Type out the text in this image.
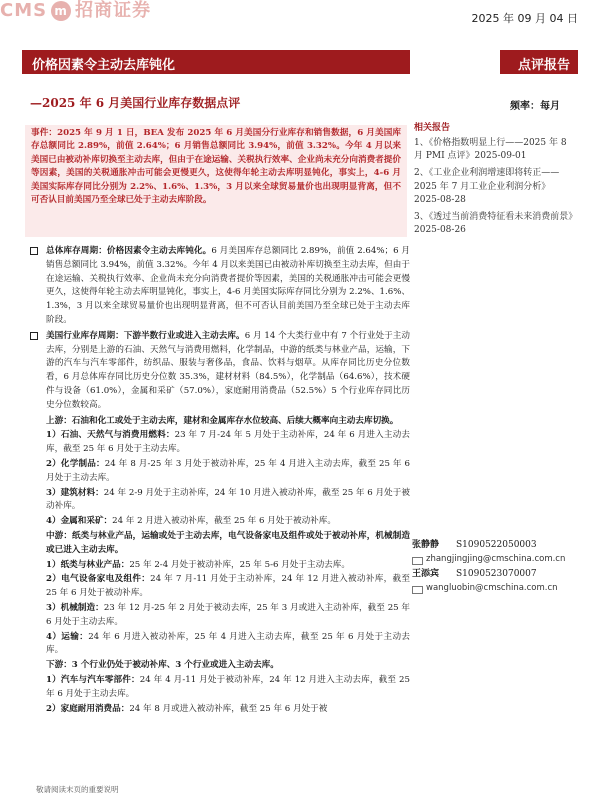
CMS m 招商证券	2025 年 09 月 04 日
价格因素令主动去库钝化	点评报告
—2025 年 6 月美国行业库存数据点评	频率：每月

事件：2025 年 9 月 1 日，BEA 发布 2025 年 6 月美国分行业库存和销售数据，6 月美国库存总额同比 2.89%，前值 2.64%；6 月销售总额同比 3.94%，前值 3.32%。今年 4 月以来美国已由被动补库切换至主动去库，但由于在途运输、关税执行效率、企业尚未充分向消费者提价等因素，美国的关税通胀冲击可能会更慢更久，这使得年轮主动去库明显钝化，事实上，4-6 月美国实际库存同比分别为 2.2%、1.6%、1.3%，3 月以来全球贸易量价也出现明显背离，但不可否认目前美国乃至全球已处于主动去库阶段。

总体库存周期：价格因素令主动去库钝化。6 月美国库存总额同比 2.89%，前值 2.64%；6 月销售总额同比 3.94%，前值 3.32%。今年 4 月以来美国已由被动补库切换至主动去库，但由于在途运输、关税执行效率、企业尚未充分向消费者提价等因素，美国的关税通胀冲击可能会更慢更久，这使得年轮主动去库明显钝化，事实上，4-6 月美国实际库存同比分别为 2.2%、1.6%、1.3%，3 月以来全球贸易量价也出现明显背离，但不可否认目前美国乃至全球已处于主动去库阶段。
美国行业库存周期：下游半数行业或进入主动去库。6 月 14 个大类行业中有 7 个行业处于主动去库，分别是上游的石油、天然气与消费用燃料，化学制品，中游的纸类与林业产品，运输，下游的汽车与汽车零部件，纺织品、服装与奢侈品，食品、饮料与烟草。从库存同比历史分位数看，6 月总体库存同比历史分位数 35.3%，建材材料（84.5%），化学制品（64.6%），技术硬件与设备（61.0%），金属和采矿（57.0%），家庭耐用消费品（52.5%）5 个行业库存同比历史分位数较高。
上游：石油和化工或处于主动去库，建材和金属库存水位较高、后续大概率向主动去库切换。
1）石油、天然气与消费用燃料：23 年 7 月-24 年 5 月处于主动补库，24 年 6 月进入主动去库，截至 25 年 6 月处于主动去库。
2）化学制品：24 年 8 月-25 年 3 月处于被动补库，25 年 4 月进入主动去库，截至 25 年 6 月处于主动去库。
3）建筑材料：24 年 2-9 月处于主动补库，24 年 10 月进入被动补库，截至 25 年 6 月处于被动补库。
4）金属和采矿：24 年 2 月进入被动补库，截至 25 年 6 月处于被动补库。
中游：纸类与林业产品，运输或处于主动去库，电气设备家电及组件或处于被动补库，机械制造或已进入主动去库。
1）纸类与林业产品：25 年 2-4 月处于被动补库，25 年 5-6 月处于主动去库。
2）电气设备家电及组件：24 年 7 月-11 月处于主动补库，24 年 12 月进入被动补库，截至 25 年 6 月处于被动补库。
3）机械制造：23 年 12 月-25 年 2 月处于被动去库，25 年 3 月或进入主动补库，截至 25 年 6 月处于主动去库。
4）运输：24 年 6 月进入被动补库，25 年 4 月进入主动去库，截至 25 年 6 月处于主动去库。
下游：3 个行业仍处于被动补库、3 个行业或进入主动去库。
1）汽车与汽车零部件：24 年 4 月-11 月处于被动补库，24 年 12 月进入主动去库，截至 25 年 6 月处于主动去库。
2）家庭耐用消费品：24 年 8 月或进入被动补库，截至 25 年 6 月处于被
相关报告
1、《价格指数明显上行——2025 年 8 月 PMI 点评》2025-09-01
2、《工业企业利润增速即将转正——2025 年 7 月工业企业利润分析》2025-08-28
3、《透过当前消费特征看未来消费前景》2025-08-26
张静静 S1090522050003
zhangjingjing@cmschina.com.cn
王添宾 S1090523070007
wangluobin@cmschina.com.cn
敬请阅读末页的重要说明
